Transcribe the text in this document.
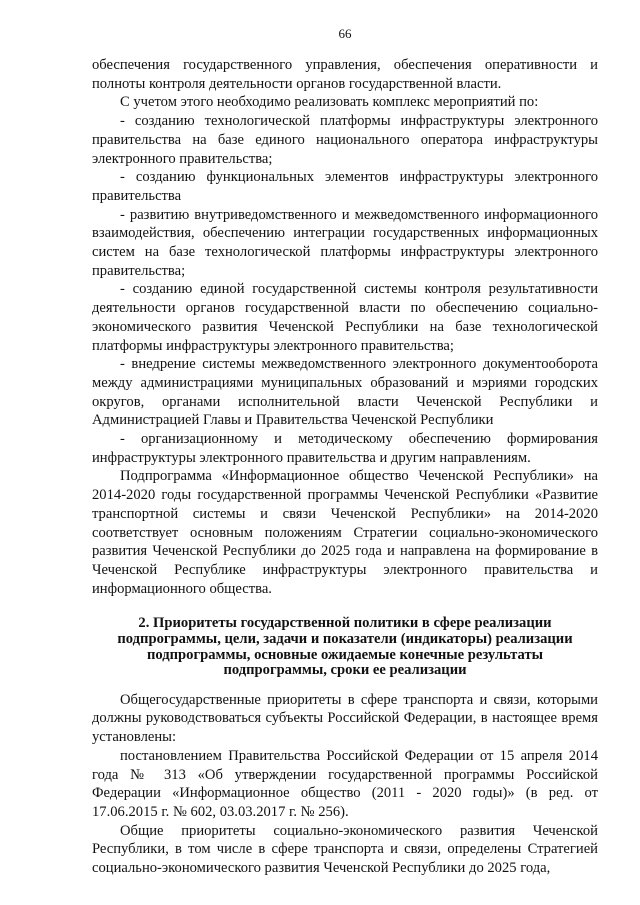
66

обеспечения государственного управления, обеспечения оперативности и полноты контроля деятельности органов государственной власти.

С учетом этого необходимо реализовать комплекс мероприятий по:

- созданию технологической платформы инфраструктуры электронного правительства на базе единого национального оператора инфраструктуры электронного правительства;

- созданию функциональных элементов инфраструктуры электронного правительства

- развитию внутриведомственного и межведомственного информационного взаимодействия, обеспечению интеграции государственных информационных систем на базе технологической платформы инфраструктуры электронного правительства;

- созданию единой государственной системы контроля результативности деятельности органов государственной власти по обеспечению социально-экономического развития Чеченской Республики на базе технологической платформы инфраструктуры электронного правительства;

- внедрение системы межведомственного электронного документооборота между администрациями муниципальных образований и мэриями городских округов, органами исполнительной власти Чеченской Республики и Администрацией Главы и Правительства Чеченской Республики

- организационному и методическому обеспечению формирования инфраструктуры электронного правительства и другим направлениям.

Подпрограмма «Информационное общество Чеченской Республики» на 2014-2020 годы государственной программы Чеченской Республики «Развитие транспортной системы и связи Чеченской Республики» на 2014-2020 соответствует основным положениям Стратегии социально-экономического развития Чеченской Республики до 2025 года и направлена на формирование в Чеченской Республике инфраструктуры электронного правительства и информационного общества.

2. Приоритеты государственной политики в сфере реализации

подпрограммы, цели, задачи и показатели (индикаторы) реализации

подпрограммы, основные ожидаемые конечные результаты

подпрограммы, сроки ее реализации

Общегосударственные приоритеты в сфере транспорта и связи, которыми должны руководствоваться субъекты Российской Федерации, в настоящее время установлены:

постановлением Правительства Российской Федерации от 15 апреля 2014 года № 313 «Об утверждении государственной программы Российской Федерации «Информационное общество (2011 - 2020 годы)» (в ред. от 17.06.2015 г. № 602, 03.03.2017 г. № 256).

Общие приоритеты социально-экономического развития Чеченской Республики, в том числе в сфере транспорта и связи, определены Стратегией социально-экономического развития Чеченской Республики до 2025 года,
